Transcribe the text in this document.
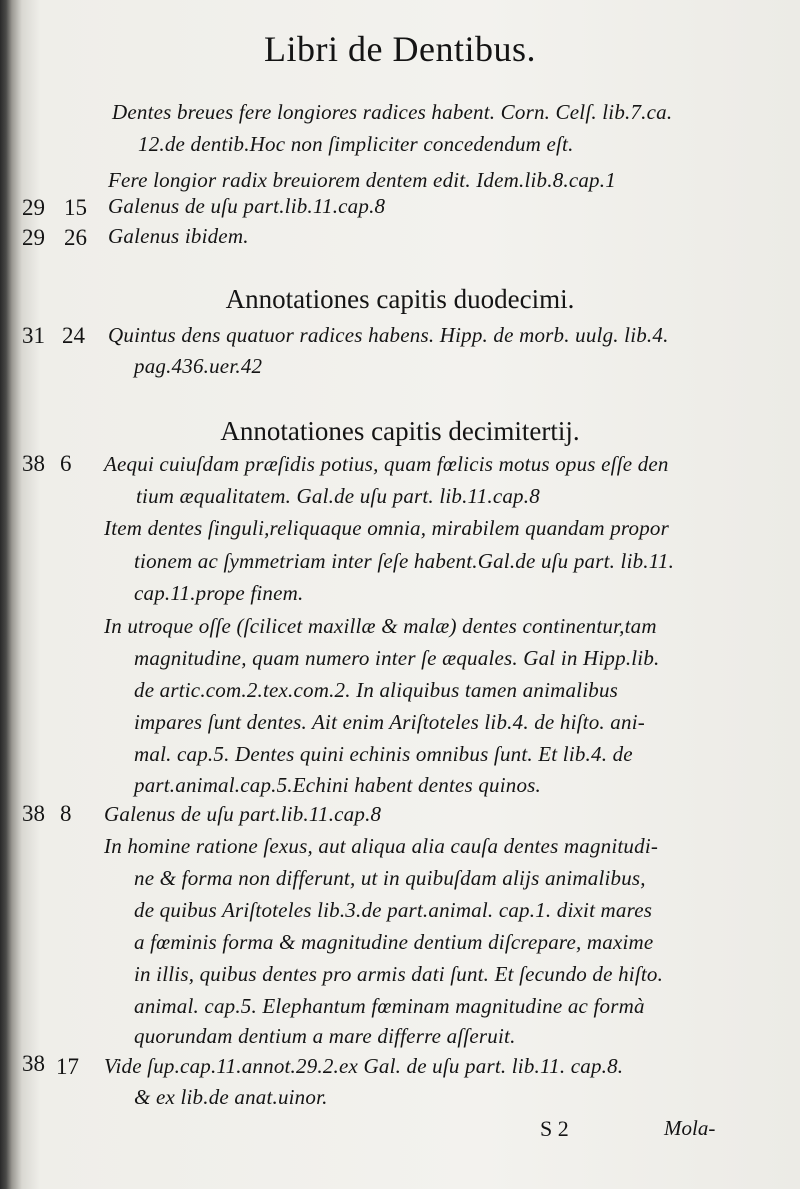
Libri de Dentibus.
Dentes breues fere longiores radices habent. Corn. Celſ. lib.7.ca.
12.de dentib.Hoc non ſimpliciter concedendum eſt.
Fere longior radix breuiorem dentem edit. Idem.lib.8.cap.1
29 15 Galenus de uſu part.lib.11.cap.8
29 26 Galenus ibidem.
Annotationes capitis duodecimi.
31 24 Quintus dens quatuor radices habens. Hipp. de morb. uulg. lib.4.
pag.436.uer.42
Annotationes capitis decimitertij.
38 6 Aequi cuiuſdam præſidis potius, quam fœlicis motus opus eſſe den
tium æqualitatem. Gal.de uſu part. lib.11.cap.8
Item dentes ſinguli,reliquaque omnia, mirabilem quandam propor
tionem ac ſymmetriam inter ſeſe habent.Gal.de uſu part. lib.11.
cap.11.prope finem.
In utroque oſſe (ſcilicet maxillæ & malæ) dentes continentur,tam
magnitudine, quam numero inter ſe æquales. Gal in Hipp.lib.
de artic.com.2.tex.com.2. In aliquibus tamen animalibus
impares ſunt dentes. Ait enim Ariſtoteles lib.4. de hiſto. ani-
mal. cap.5. Dentes quini echinis omnibus ſunt. Et lib.4. de
part.animal.cap.5.Echini habent dentes quinos.
38 8 Galenus de uſu part.lib.11.cap.8
In homine ratione ſexus, aut aliqua alia cauſa dentes magnitudi-
ne & forma non differunt, ut in quibuſdam alijs animalibus,
de quibus Ariſtoteles lib.3.de part.animal. cap.1. dixit mares
a fœminis forma & magnitudine dentium diſcrepare, maxime
in illis, quibus dentes pro armis dati ſunt. Et ſecundo de hiſto.
animal. cap.5. Elephantum fœminam magnitudine ac formà
quorundam dentium a mare differre aſſeruit.
38 17 Vide ſup.cap.11.annot.29.2.ex Gal. de uſu part. lib.11. cap.8.
& ex lib.de anat.uinor.
S 2	Mola-
